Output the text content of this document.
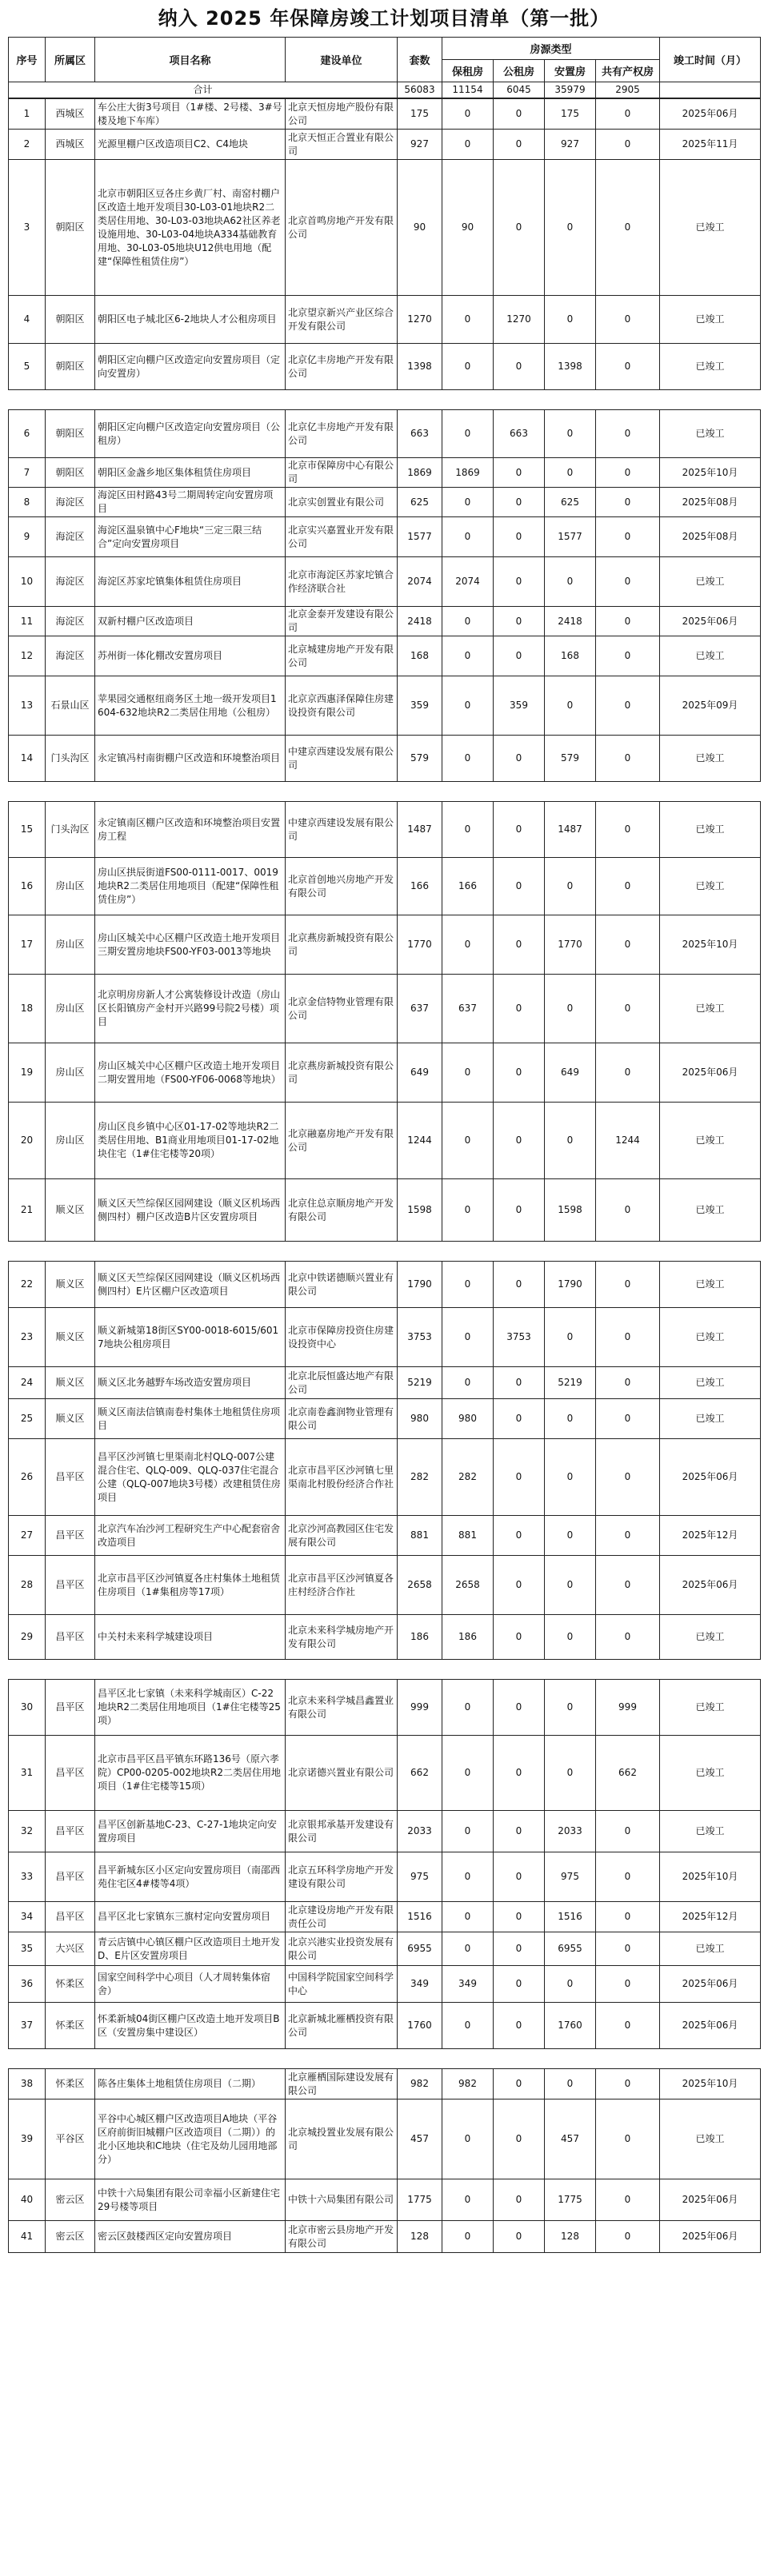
纳入 2025 年保障房竣工计划项目清单（第一批）
序号	所属区	项目名称	建设单位	套数	房源类型				竣工时间（月）
					保租房	公租房	安置房	共有产权房	
合计				56083	11154	6045	35979	2905	
1	西城区	车公庄大街3号项目（1#楼、2号楼、3#号楼及地下车库）	北京天恒房地产股份有限公司	175	0	0	175	0	2025年06月
2	西城区	光源里棚户区改造项目C2、C4地块	北京天恒正合置业有限公司	927	0	0	927	0	2025年11月
3	朝阳区	北京市朝阳区豆各庄乡黄厂村、南窑村棚户区改造土地开发项目30-L03-01地块R2二类居住用地、30-L03-03地块A62社区养老设施用地、30-L03-04地块A334基础教育用地、30-L03-05地块U12供电用地（配建“保障性租赁住房”）	北京首鸣房地产开发有限公司	90	90	0	0	0	已竣工
4	朝阳区	朝阳区电子城北区6-2地块人才公租房项目	北京望京新兴产业区综合开发有限公司	1270	0	1270	0	0	已竣工
5	朝阳区	朝阳区定向棚户区改造定向安置房项目（定向安置房）	北京亿丰房地产开发有限公司	1398	0	0	1398	0	已竣工
6	朝阳区	朝阳区定向棚户区改造定向安置房项目（公租房）	北京亿丰房地产开发有限公司	663	0	663	0	0	已竣工
7	朝阳区	朝阳区金盏乡地区集体租赁住房项目	北京市保障房中心有限公司	1869	1869	0	0	0	2025年10月
8	海淀区	海淀区田村路43号二期周转定向安置房项目	北京实创置业有限公司	625	0	0	625	0	2025年08月
9	海淀区	海淀区温泉镇中心F地块“三定三限三结合”定向安置房项目	北京实兴嘉置业开发有限公司	1577	0	0	1577	0	2025年08月
10	海淀区	海淀区苏家坨镇集体租赁住房项目	北京市海淀区苏家坨镇合作经济联合社	2074	2074	0	0	0	已竣工
11	海淀区	双新村棚户区改造项目	北京金泰开发建设有限公司	2418	0	0	2418	0	2025年06月
12	海淀区	苏州街一体化棚改安置房项目	北京城建房地产开发有限公司	168	0	0	168	0	已竣工
13	石景山区	苹果园交通枢纽商务区土地一级开发项目1604-632地块R2二类居住用地（公租房）	北京京西惠泽保障住房建设投资有限公司	359	0	359	0	0	2025年09月
14	门头沟区	永定镇冯村南街棚户区改造和环境整治项目	中建京西建设发展有限公司	579	0	0	579	0	已竣工
15	门头沟区	永定镇南区棚户区改造和环境整治项目安置房工程	中建京西建设发展有限公司	1487	0	0	1487	0	已竣工
16	房山区	房山区拱辰街道FS00-0111-0017、0019地块R2二类居住用地项目（配建“保障性租赁住房”）	北京首创地兴房地产开发有限公司	166	166	0	0	0	已竣工
17	房山区	房山区城关中心区棚户区改造土地开发项目三期安置房地块FS00-YF03-0013等地块	北京燕房新城投资有限公司	1770	0	0	1770	0	2025年10月
18	房山区	北京明房房新人才公寓装修设计改造（房山区长阳镇房产金村开兴路99号院2号楼）项目	北京金信特物业管理有限公司	637	637	0	0	0	已竣工
19	房山区	房山区城关中心区棚户区改造土地开发项目二期安置用地（FS00-YF06-0068等地块）	北京燕房新城投资有限公司	649	0	0	649	0	2025年06月
20	房山区	房山区良乡镇中心区01-17-02等地块R2二类居住用地、B1商业用地项目01-17-02地块住宅（1#住宅楼等20项）	北京融嘉房地产开发有限公司	1244	0	0	0	1244	已竣工
21	顺义区	顺义区天竺综保区园网建设（顺义区机场西侧四村）棚户区改造B片区安置房项目	北京住总京顺房地产开发有限公司	1598	0	0	1598	0	已竣工
22	顺义区	顺义区天竺综保区园网建设（顺义区机场西侧四村）E片区棚户区改造项目	北京中铁诺德顺兴置业有限公司	1790	0	0	1790	0	已竣工
23	顺义区	顺义新城第18街区SY00-0018-6015/6017地块公租房项目	北京市保障房投资住房建设投资中心	3753	0	3753	0	0	已竣工
24	顺义区	顺义区北务越野车场改造安置房项目	北京北辰恒盛达地产有限公司	5219	0	0	5219	0	已竣工
25	顺义区	顺义区南法信镇南卷村集体土地租赁住房项目	北京南卷鑫润物业管理有限公司	980	980	0	0	0	已竣工
26	昌平区	昌平区沙河镇七里渠南北村QLQ-007公建混合住宅、QLQ-009、QLQ-037住宅混合公建（QLQ-007地块3号楼）改建租赁住房项目	北京市昌平区沙河镇七里渠南北村股份经济合作社	282	282	0	0	0	2025年06月
27	昌平区	北京汽车冶沙河工程研究生产中心配套宿舍改造项目	北京沙河高教园区住宅发展有限公司	881	881	0	0	0	2025年12月
28	昌平区	北京市昌平区沙河镇夏各庄村集体土地租赁住房项目（1#集租房等17项）	北京市昌平区沙河镇夏各庄村经济合作社	2658	2658	0	0	0	2025年06月
29	昌平区	中关村未来科学城建设项目	北京未来科学城房地产开发有限公司	186	186	0	0	0	已竣工
30	昌平区	昌平区北七家镇（未来科学城南区）C-22地块R2二类居住用地项目（1#住宅楼等25项）	北京未来科学城昌鑫置业有限公司	999	0	0	0	999	已竣工
31	昌平区	北京市昌平区昌平镇东环路136号（原六孝院）CP00-0205-002地块R2二类居住用地项目（1#住宅楼等15项）	北京诺德兴置业有限公司	662	0	0	0	662	已竣工
32	昌平区	昌平区创新基地C-23、C-27-1地块定向安置房项目	北京银邦承基开发建设有限公司	2033	0	0	2033	0	已竣工
33	昌平区	昌平新城东区小区定向安置房项目（南邵西苑住宅区4#楼等4项）	北京五环科学房地产开发建设有限公司	975	0	0	975	0	2025年10月
34	昌平区	昌平区北七家镇东三旗村定向安置房项目	北京建设房地产开发有限责任公司	1516	0	0	1516	0	2025年12月
35	大兴区	青云店镇中心镇区棚户区改造项目土地开发D、E片区安置房项目	北京兴港实业投资发展有限公司	6955	0	0	6955	0	已竣工
36	怀柔区	国家空间科学中心项目（人才周转集体宿舍）	中国科学院国家空间科学中心	349	349	0	0	0	2025年06月
37	怀柔区	怀柔新城04街区棚户区改造土地开发项目B区（安置房集中建设区）	北京新城北雁栖投资有限公司	1760	0	0	1760	0	2025年06月
38	怀柔区	陈各庄集体土地租赁住房项目（二期）	北京雁栖国际建设发展有限公司	982	982	0	0	0	2025年10月
39	平谷区	平谷中心城区棚户区改造项目A地块（平谷区府前街旧城棚户区改造项目（二期））的北小区地块和C地块（住宅及幼儿园用地部分）	北京城投置业发展有限公司	457	0	0	457	0	已竣工
40	密云区	中铁十六局集团有限公司幸福小区新建住宅29号楼等项目	中铁十六局集团有限公司	1775	0	0	1775	0	2025年06月
41	密云区	密云区鼓楼西区定向安置房项目	北京市密云县房地产开发有限公司	128	0	0	128	0	2025年06月
